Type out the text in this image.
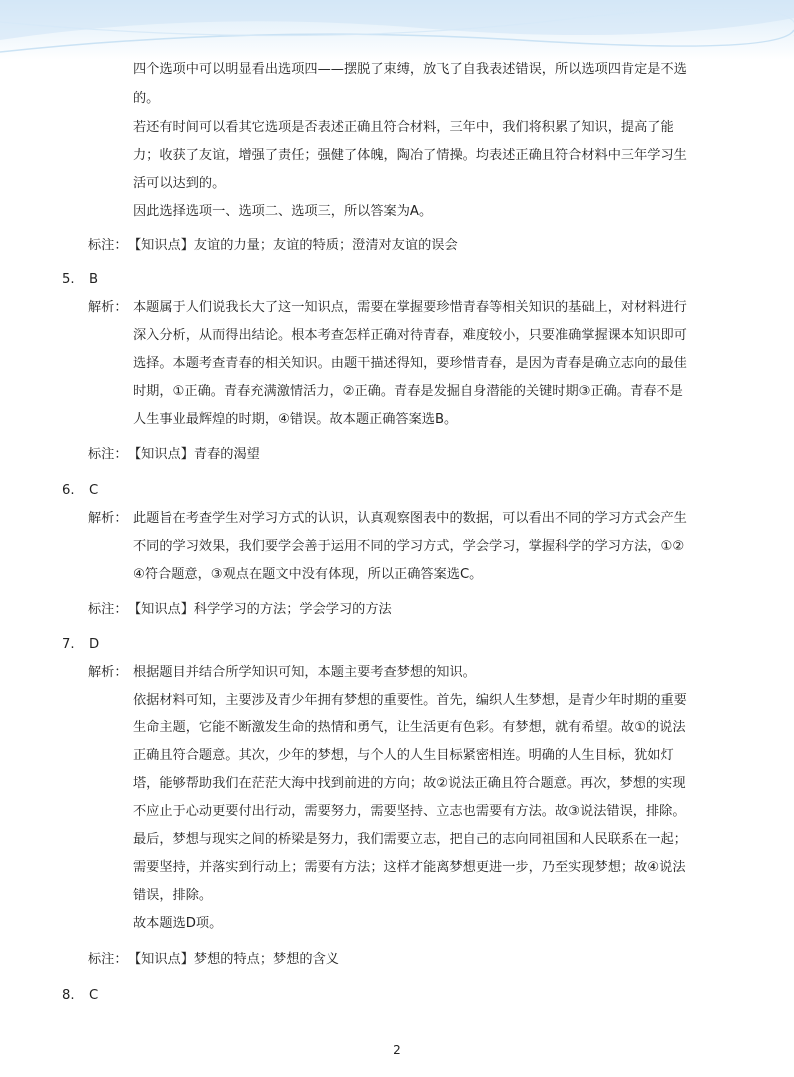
四个选项中可以明显看出选项四——摆脱了束缚，放飞了自我表述错误，所以选项四肯定是不选
的。
若还有时间可以看其它选项是否表述正确且符合材料，三年中，我们将积累了知识，提高了能
力；收获了友谊，增强了责任；强健了体魄，陶冶了情操。均表述正确且符合材料中三年学习生
活可以达到的。
因此选择选项一、选项二、选项三，所以答案为A。
标注： 【知识点】友谊的力量；友谊的特质；澄清对友谊的误会
5. B
解析： 本题属于人们说我长大了这一知识点，需要在掌握要珍惜青春等相关知识的基础上，对材料进行
深入分析，从而得出结论。根本考查怎样正确对待青春，难度较小，只要准确掌握课本知识即可
选择。本题考查青春的相关知识。由题干描述得知，要珍惜青春，是因为青春是确立志向的最佳
时期，①正确。青春充满激情活力，②正确。青春是发掘自身潜能的关键时期③正确。青春不是
人生事业最辉煌的时期，④错误。故本题正确答案选B。
标注： 【知识点】青春的渴望
6. C
解析： 此题旨在考查学生对学习方式的认识，认真观察图表中的数据，可以看出不同的学习方式会产生
不同的学习效果，我们要学会善于运用不同的学习方式，学会学习，掌握科学的学习方法，①②
④符合题意，③观点在题文中没有体现，所以正确答案选C。
标注： 【知识点】科学学习的方法；学会学习的方法
7. D
解析： 根据题目并结合所学知识可知，本题主要考查梦想的知识。
依据材料可知，主要涉及青少年拥有梦想的重要性。首先，编织人生梦想，是青少年时期的重要
生命主题，它能不断激发生命的热情和勇气，让生活更有色彩。有梦想，就有希望。故①的说法
正确且符合题意。其次，少年的梦想，与个人的人生目标紧密相连。明确的人生目标，犹如灯
塔，能够帮助我们在茫茫大海中找到前进的方向；故②说法正确且符合题意。再次，梦想的实现
不应止于心动更要付出行动，需要努力，需要坚持、立志也需要有方法。故③说法错误，排除。
最后，梦想与现实之间的桥梁是努力，我们需要立志，把自己的志向同祖国和人民联系在一起；
需要坚持，并落实到行动上；需要有方法；这样才能离梦想更进一步，乃至实现梦想；故④说法
错误，排除。
故本题选D项。
标注： 【知识点】梦想的特点；梦想的含义
8. C
2
